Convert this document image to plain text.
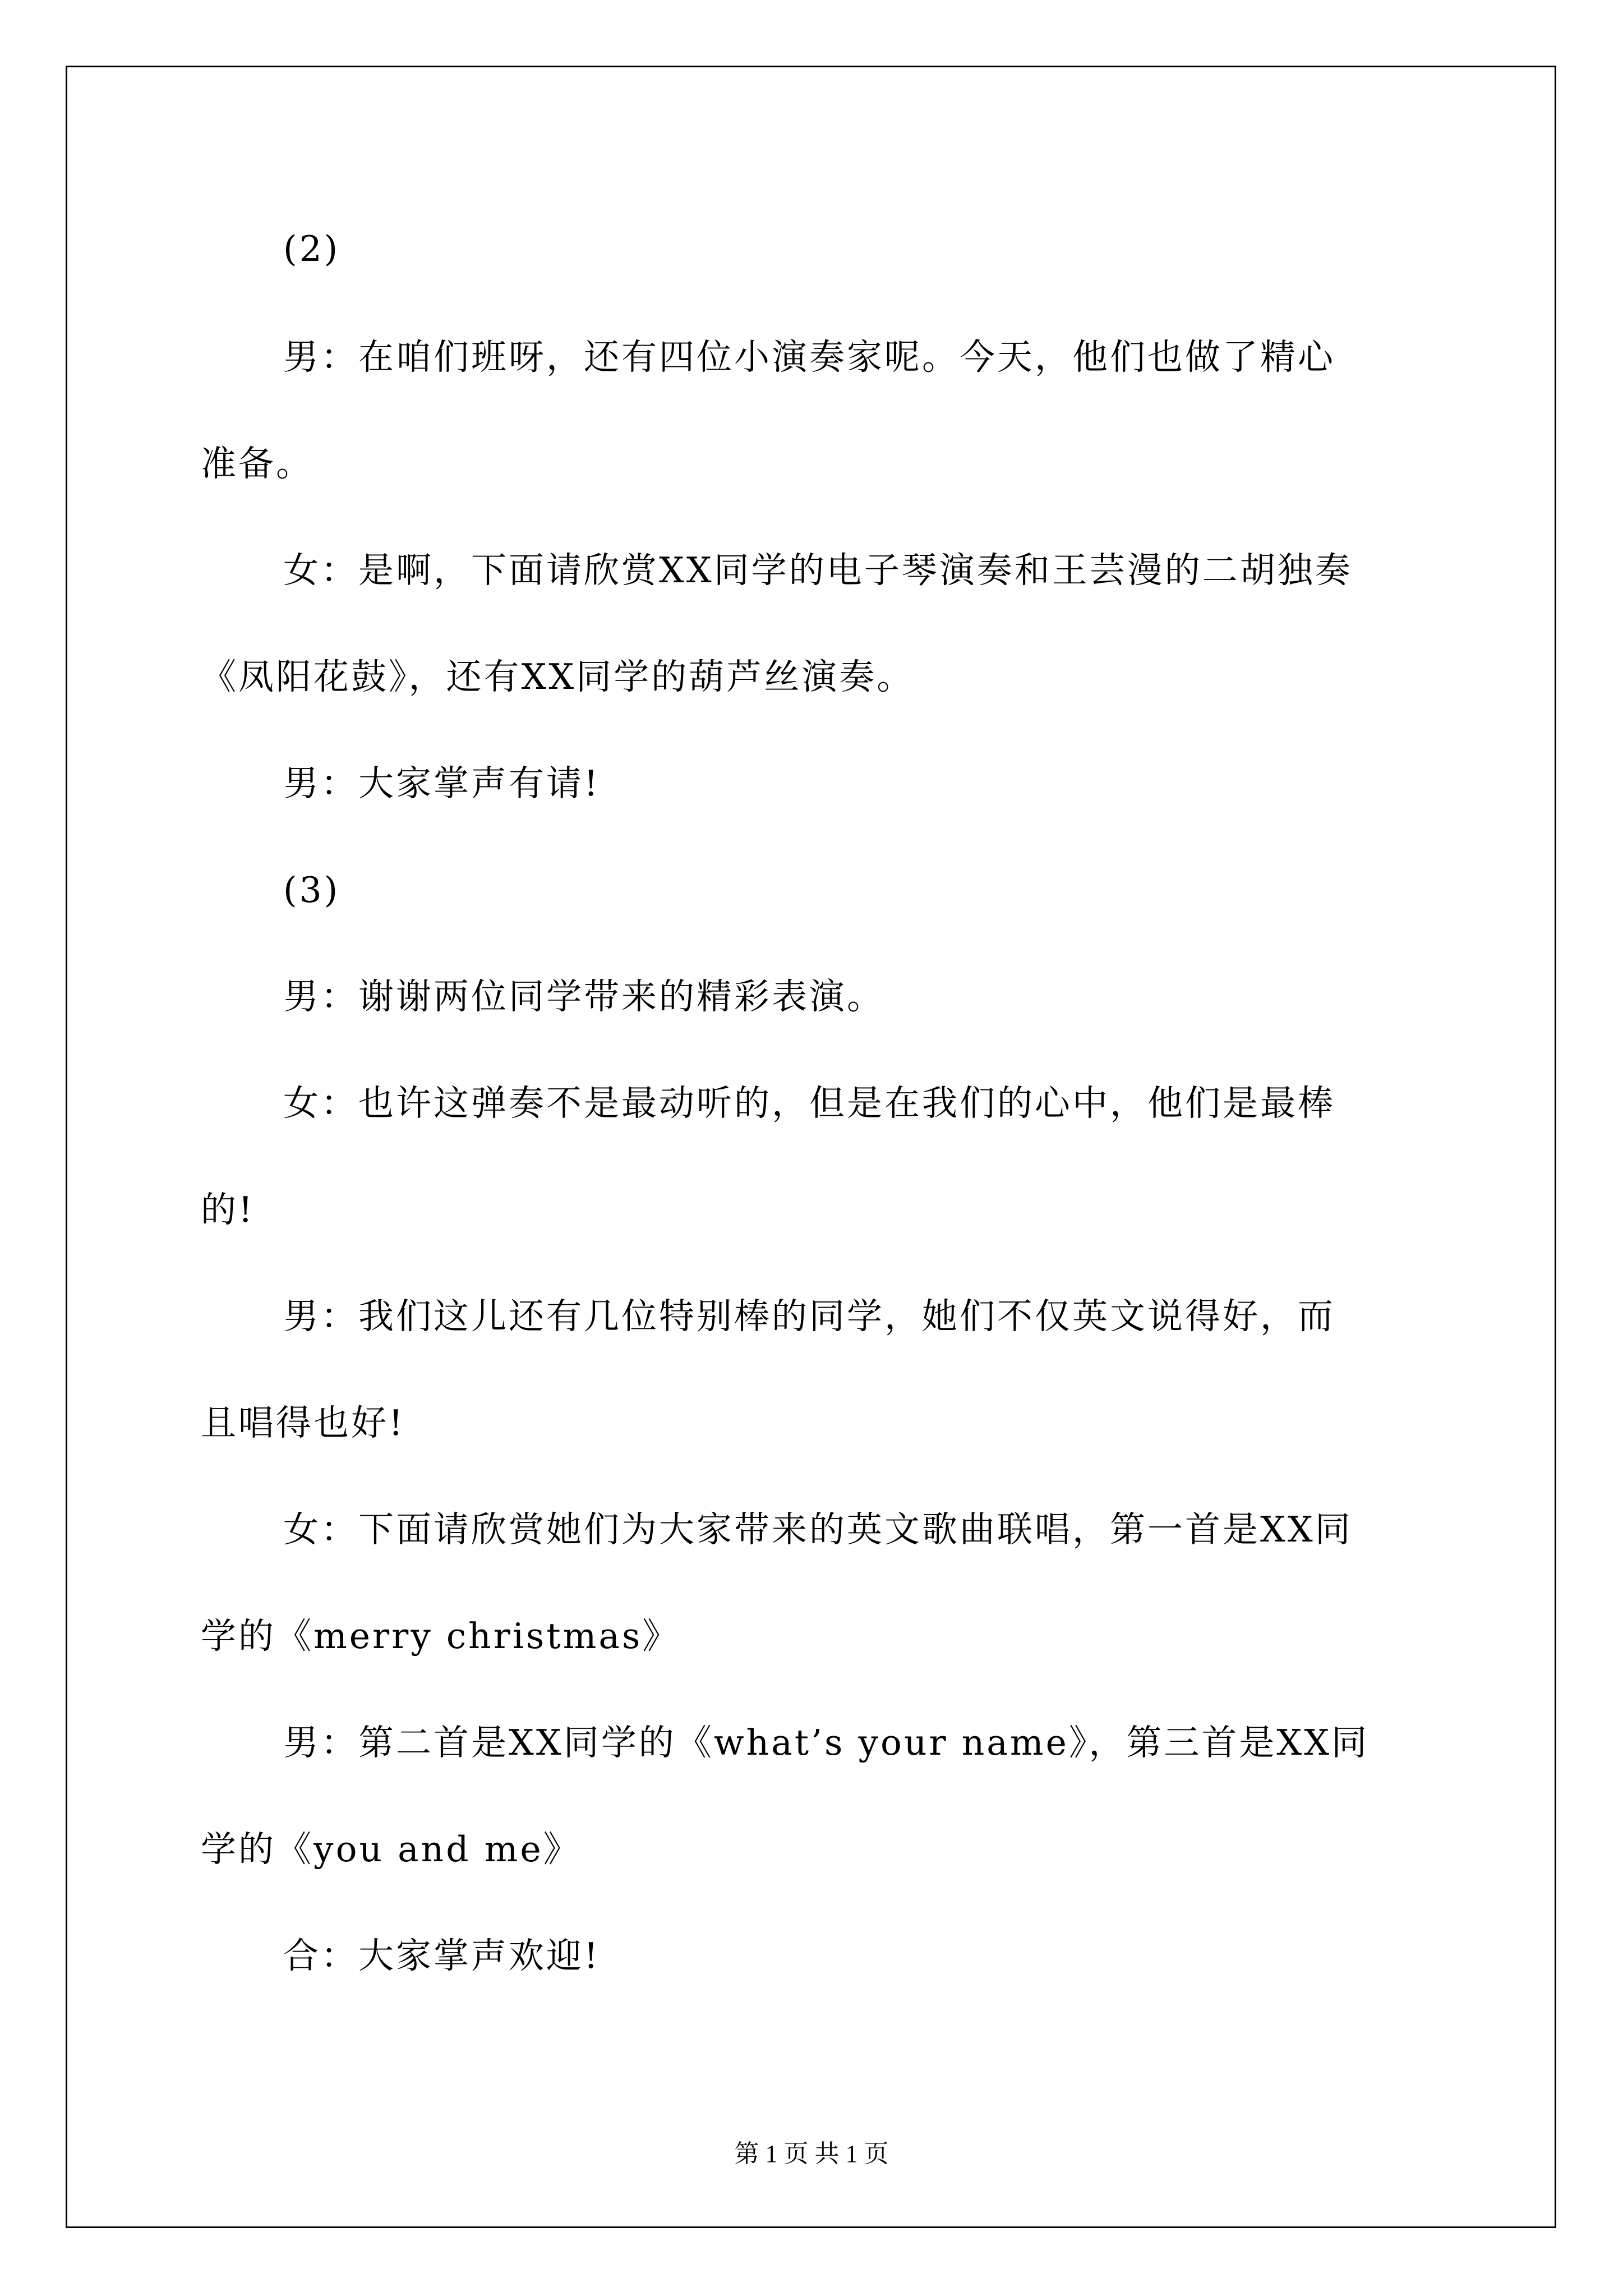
(2)
男：在咱们班呀，还有四位小演奏家呢。今天，他们也做了精心
准备。
女：是啊，下面请欣赏XX同学的电子琴演奏和王芸漫的二胡独奏
《凤阳花鼓》，还有XX同学的葫芦丝演奏。
男：大家掌声有请!
(3)
男：谢谢两位同学带来的精彩表演。
女：也许这弹奏不是最动听的，但是在我们的心中，他们是最棒
的!
男：我们这儿还有几位特别棒的同学，她们不仅英文说得好，而
且唱得也好!
女：下面请欣赏她们为大家带来的英文歌曲联唱，第一首是XX同
学的《merry christmas》
男：第二首是XX同学的《what’s your name》，第三首是XX同
学的《you and me》
合：大家掌声欢迎!
第 1 页 共 1 页
